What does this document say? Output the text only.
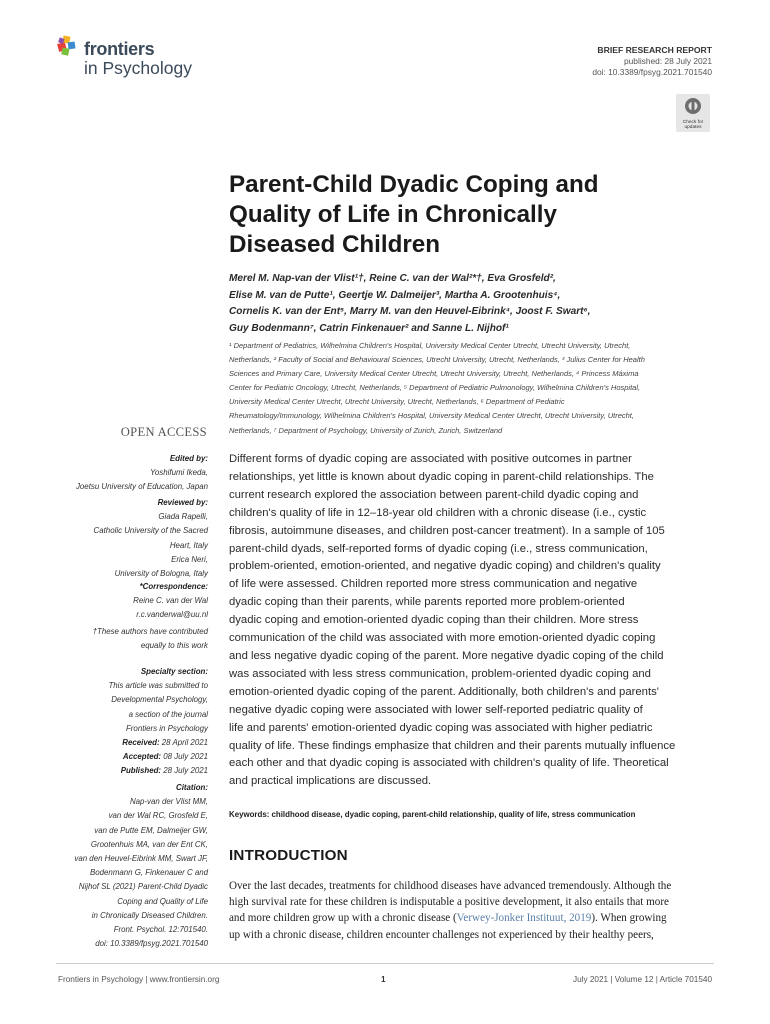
frontiers
in Psychology
BRIEF RESEARCH REPORT
published: 28 July 2021
doi: 10.3389/fpsyg.2021.701540
Check for
updates
Parent-Child Dyadic Coping and
Quality of Life in Chronically
Diseased Children
Merel M. Nap-van der Vlist¹†, Reine C. van der Wal²*†, Eva Grosfeld²,
Elise M. van de Putte¹, Geertje W. Dalmeijer³, Martha A. Grootenhuis⁴,
Cornelis K. van der Ent⁵, Marry M. van den Heuvel-Eibrink⁴, Joost F. Swart⁶,
Guy Bodenmann⁷, Catrin Finkenauer² and Sanne L. Nijhof¹
¹ Department of Pediatrics, Wilhelmina Children's Hospital, University Medical Center Utrecht, Utrecht University, Utrecht,
Netherlands, ² Faculty of Social and Behavioural Sciences, Utrecht University, Utrecht, Netherlands, ³ Julius Center for Health
Sciences and Primary Care, University Medical Center Utrecht, Utrecht University, Utrecht, Netherlands, ⁴ Princess Máxima
Center for Pediatric Oncology, Utrecht, Netherlands, ⁵ Department of Pediatric Pulmonology, Wilhelmina Children's Hospital,
University Medical Center Utrecht, Utrecht University, Utrecht, Netherlands, ⁶ Department of Pediatric
Rheumatology/Immunology, Wilhelmina Children's Hospital, University Medical Center Utrecht, Utrecht University, Utrecht,
Netherlands, ⁷ Department of Psychology, University of Zurich, Zurich, Switzerland
OPEN ACCESS

Edited by:

Yoshifumi Ikeda,

Joetsu University of Education, Japan

Reviewed by:

Giada Rapelli,

Catholic University of the Sacred

Heart, Italy

Erica Neri,

University of Bologna, Italy

*Correspondence:

Reine C. van der Wal

r.c.vanderwal@uu.nl

†These authors have contributed

equally to this work

Specialty section:

This article was submitted to

Developmental Psychology,

a section of the journal

Frontiers in Psychology

Received: 28 April 2021

Accepted: 08 July 2021

Published: 28 July 2021

Citation:

Nap-van der Vlist MM,

van der Wal RC, Grosfeld E,

van de Putte EM, Dalmeijer GW,

Grootenhuis MA, van der Ent CK,

van den Heuvel-Eibrink MM, Swart JF,

Bodenmann G, Finkenauer C and

Nijhof SL (2021) Parent-Child Dyadic

Coping and Quality of Life

in Chronically Diseased Children.

Front. Psychol. 12:701540.

doi: 10.3389/fpsyg.2021.701540

Different forms of dyadic coping are associated with positive outcomes in partner
relationships, yet little is known about dyadic coping in parent-child relationships. The
current research explored the association between parent-child dyadic coping and
children's quality of life in 12–18-year old children with a chronic disease (i.e., cystic
fibrosis, autoimmune diseases, and children post-cancer treatment). In a sample of 105
parent-child dyads, self-reported forms of dyadic coping (i.e., stress communication,
problem-oriented, emotion-oriented, and negative dyadic coping) and children's quality
of life were assessed. Children reported more stress communication and negative
dyadic coping than their parents, while parents reported more problem-oriented
dyadic coping and emotion-oriented dyadic coping than their children. More stress
communication of the child was associated with more emotion-oriented dyadic coping
and less negative dyadic coping of the parent. More negative dyadic coping of the child
was associated with less stress communication, problem-oriented dyadic coping and
emotion-oriented dyadic coping of the parent. Additionally, both children's and parents'
negative dyadic coping were associated with lower self-reported pediatric quality of
life and parents' emotion-oriented dyadic coping was associated with higher pediatric
quality of life. These findings emphasize that children and their parents mutually influence
each other and that dyadic coping is associated with children's quality of life. Theoretical
and practical implications are discussed.
Keywords: childhood disease, dyadic coping, parent-child relationship, quality of life, stress communication
INTRODUCTION
Over the last decades, treatments for childhood diseases have advanced tremendously. Although the
high survival rate for these children is indisputable a positive development, it also entails that more
and more children grow up with a chronic disease (Verwey-Jonker Instituut, 2019). When growing
up with a chronic disease, children encounter challenges not experienced by their healthy peers,
Frontiers in Psychology | www.frontiersin.org	1	July 2021 | Volume 12 | Article 701540
